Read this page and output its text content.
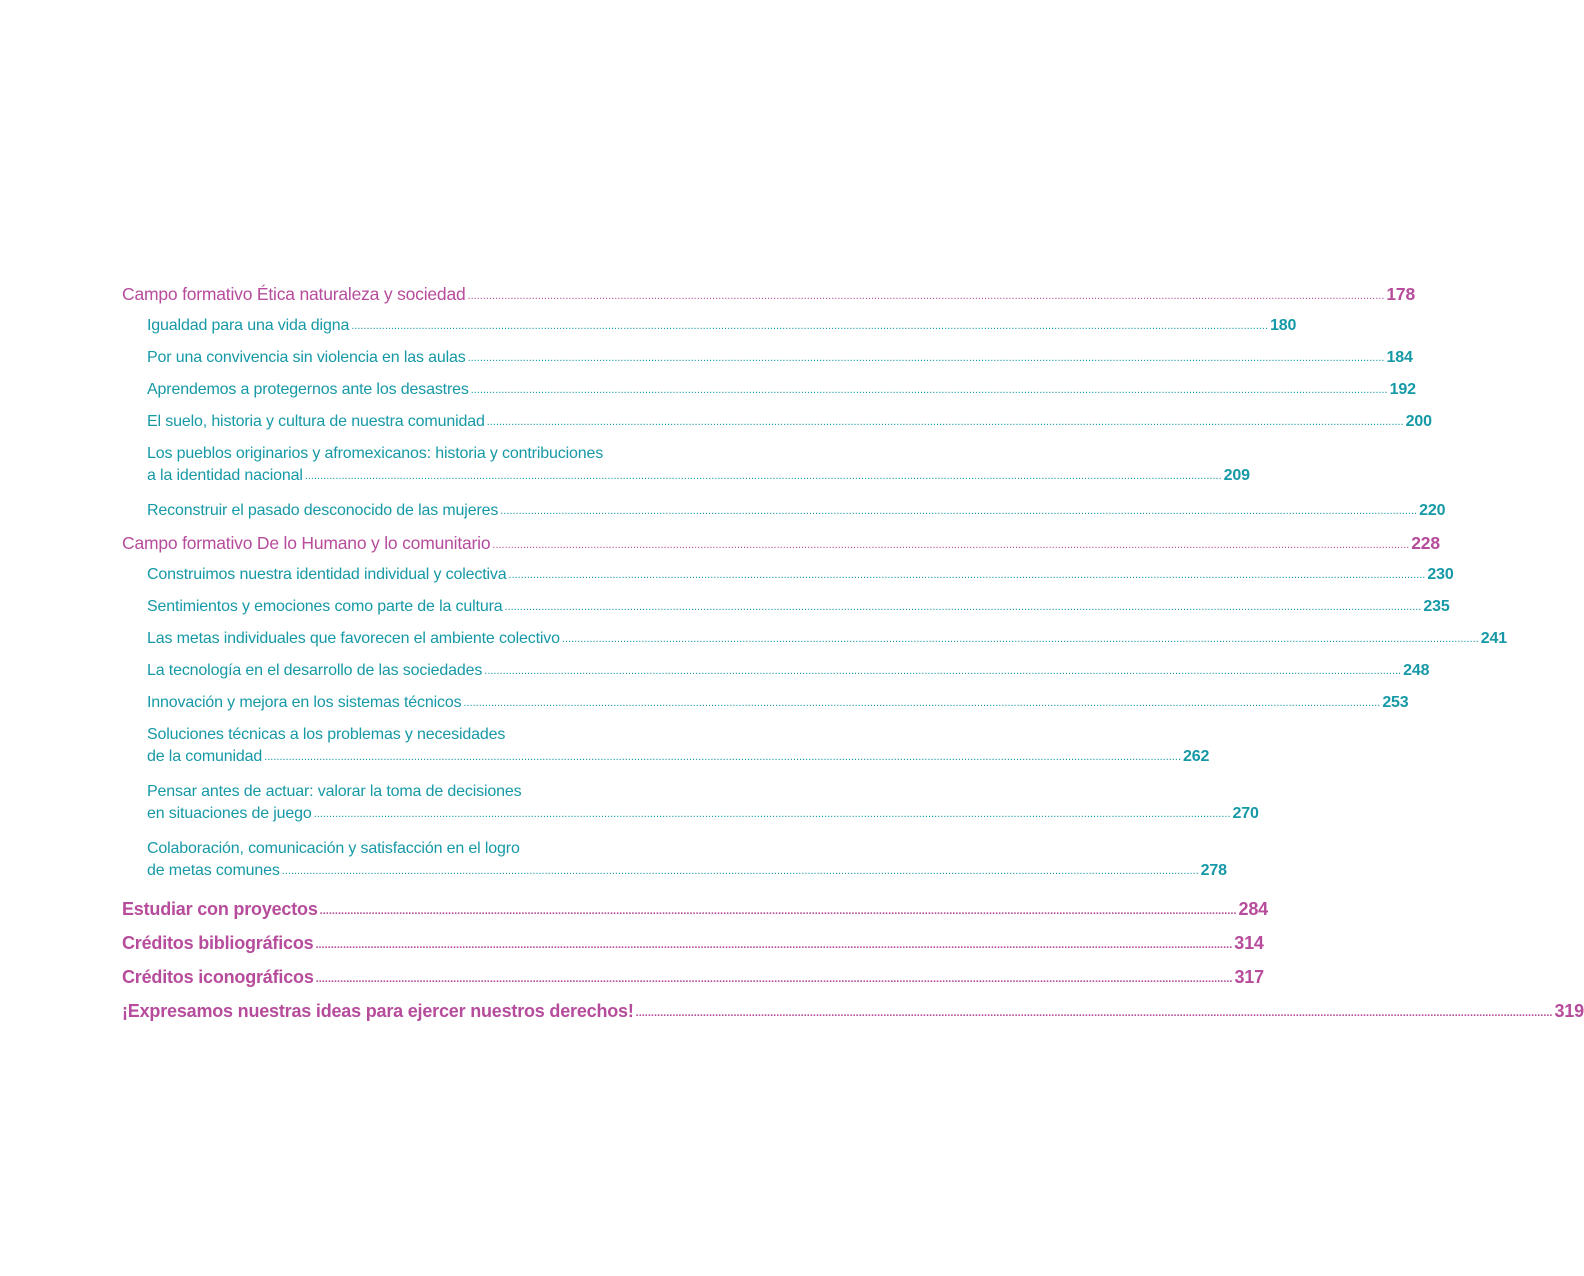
Campo formativo Ética naturaleza y sociedad ............................................................................................................................................................................................................................................................................................................ 178
Igualdad para una vida digna ............................................................................................................................................................................................................................................................................................................ 180
Por una convivencia sin violencia en las aulas ............................................................................................................................................................................................................................................................................................................ 184
Aprendemos a protegernos ante los desastres ............................................................................................................................................................................................................................................................................................................ 192
El suelo, historia y cultura de nuestra comunidad ............................................................................................................................................................................................................................................................................................................ 200
Los pueblos originarios y afromexicanos: historia y contribuciones
a la identidad nacional ............................................................................................................................................................................................................................................................................................................ 209
Reconstruir el pasado desconocido de las mujeres ............................................................................................................................................................................................................................................................................................................ 220
Campo formativo De lo Humano y lo comunitario ............................................................................................................................................................................................................................................................................................................ 228
Construimos nuestra identidad individual y colectiva ............................................................................................................................................................................................................................................................................................................ 230
Sentimientos y emociones como parte de la cultura ............................................................................................................................................................................................................................................................................................................ 235
Las metas individuales que favorecen el ambiente colectivo ............................................................................................................................................................................................................................................................................................................ 241
La tecnología en el desarrollo de las sociedades ............................................................................................................................................................................................................................................................................................................ 248
Innovación y mejora en los sistemas técnicos ............................................................................................................................................................................................................................................................................................................ 253
Soluciones técnicas a los problemas y necesidades
de la comunidad ............................................................................................................................................................................................................................................................................................................ 262
Pensar antes de actuar: valorar la toma de decisiones
en situaciones de juego ............................................................................................................................................................................................................................................................................................................ 270
Colaboración, comunicación y satisfacción en el logro
de metas comunes ............................................................................................................................................................................................................................................................................................................ 278
Estudiar con proyectos ............................................................................................................................................................................................................................................................................................................ 284
Créditos bibliográficos ............................................................................................................................................................................................................................................................................................................ 314
Créditos iconográficos ............................................................................................................................................................................................................................................................................................................ 317
¡Expresamos nuestras ideas para ejercer nuestros derechos! ............................................................................................................................................................................................................................................................................................................ 319
